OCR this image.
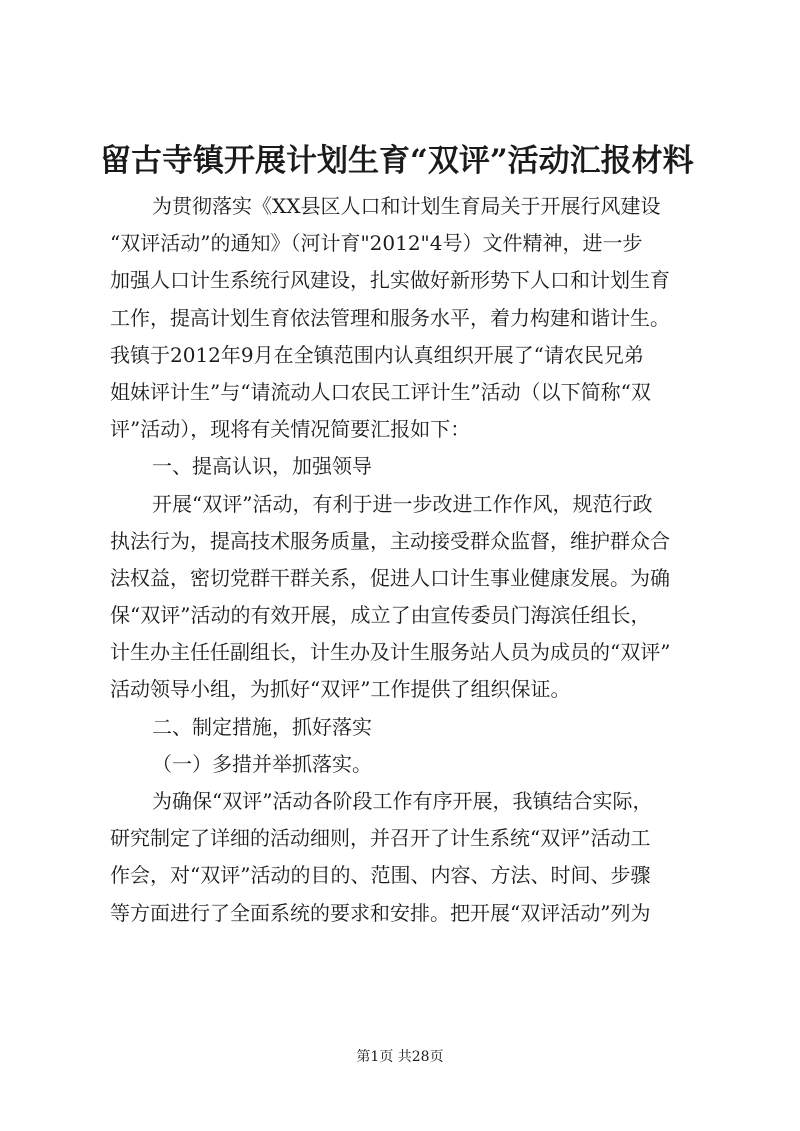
留古寺镇开展计划生育“双评”活动汇报材料
为贯彻落实《XX县区人口和计划生育局关于开展行风建设
“双评活动”的通知》（河计育"2012"4号）文件精神，进一步
加强人口计生系统行风建设，扎实做好新形势下人口和计划生育
工作，提高计划生育依法管理和服务水平，着力构建和谐计生。
我镇于2012年9月在全镇范围内认真组织开展了“请农民兄弟
姐妹评计生”与“请流动人口农民工评计生”活动（以下简称“双
评”活动），现将有关情况简要汇报如下：
一、提高认识，加强领导
开展“双评”活动，有利于进一步改进工作作风，规范行政
执法行为，提高技术服务质量，主动接受群众监督，维护群众合
法权益，密切党群干群关系，促进人口计生事业健康发展。为确
保“双评”活动的有效开展，成立了由宣传委员门海滨任组长，
计生办主任任副组长，计生办及计生服务站人员为成员的“双评”
活动领导小组，为抓好“双评”工作提供了组织保证。
二、制定措施，抓好落实
（一）多措并举抓落实。
为确保“双评”活动各阶段工作有序开展，我镇结合实际，
研究制定了详细的活动细则，并召开了计生系统“双评”活动工
作会，对“双评”活动的目的、范围、内容、方法、时间、步骤
等方面进行了全面系统的要求和安排。把开展“双评活动”列为
第1页 共28页
